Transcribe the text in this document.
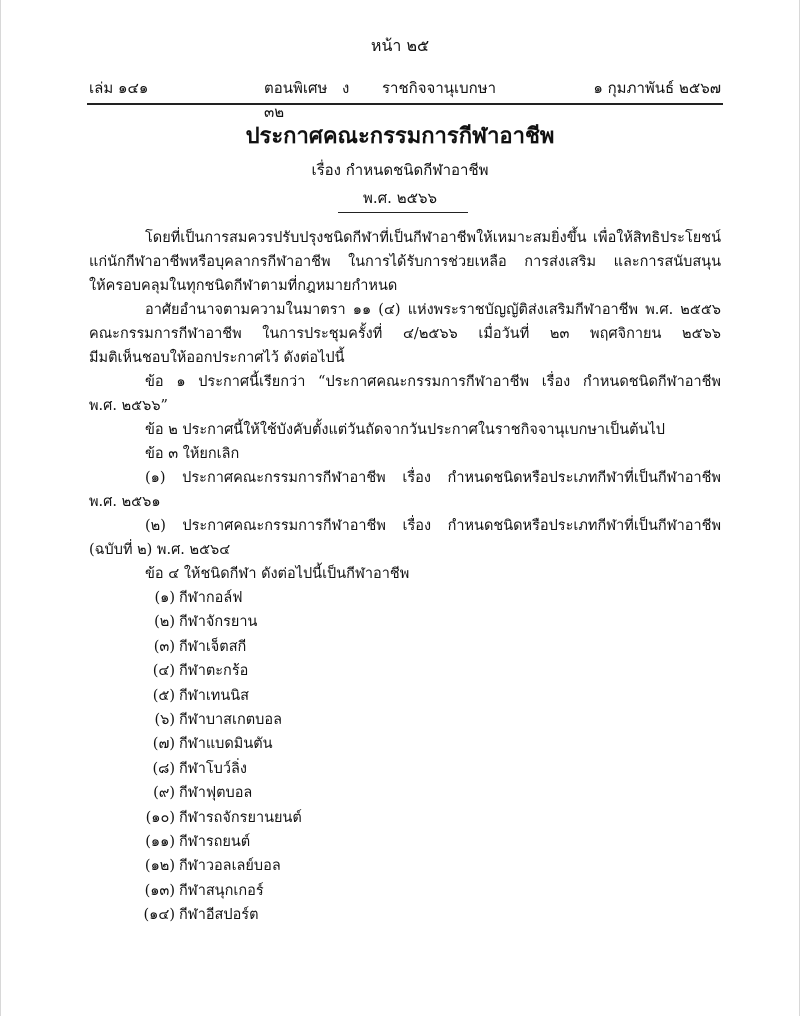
หน้า ๒๕
เล่ม ๑๔๑	ตอนพิเศษ ๓๒
ง	ราชกิจจานุเบกษา	๑ กุมภาพันธ์ ๒๕๖๗
ประกาศคณะกรรมการกีฬาอาชีพ
เรื่อง กำหนดชนิดกีฬาอาชีพ
พ.ศ. ๒๕๖๖

โดยที่เป็นการสมควรปรับปรุงชนิดกีฬาที่เป็นกีฬาอาชีพให้เหมาะสมยิ่งขึ้น เพื่อให้สิทธิประโยชน์

แก่นักกีฬาอาชีพหรือบุคลากรกีฬาอาชีพ ในการได้รับการช่วยเหลือ การส่งเสริม และการสนับสนุน

ให้ครอบคลุมในทุกชนิดกีฬาตามที่กฎหมายกำหนด

อาศัยอำนาจตามความในมาตรา ๑๑ (๔) แห่งพระราชบัญญัติส่งเสริมกีฬาอาชีพ พ.ศ. ๒๕๕๖

คณะกรรมการกีฬาอาชีพ ในการประชุมครั้งที่ ๔/๒๕๖๖ เมื่อวันที่ ๒๓ พฤศจิกายน ๒๕๖๖

มีมติเห็นชอบให้ออกประกาศไว้ ดังต่อไปนี้

ข้อ ๑ ประกาศนี้เรียกว่า “ประกาศคณะกรรมการกีฬาอาชีพ เรื่อง กำหนดชนิดกีฬาอาชีพ

พ.ศ. ๒๕๖๖”

ข้อ ๒ ประกาศนี้ให้ใช้บังคับตั้งแต่วันถัดจากวันประกาศในราชกิจจานุเบกษาเป็นต้นไป

ข้อ ๓ ให้ยกเลิก

(๑) ประกาศคณะกรรมการกีฬาอาชีพ เรื่อง กำหนดชนิดหรือประเภทกีฬาที่เป็นกีฬาอาชีพ

พ.ศ. ๒๕๖๑

(๒) ประกาศคณะกรรมการกีฬาอาชีพ เรื่อง กำหนดชนิดหรือประเภทกีฬาที่เป็นกีฬาอาชีพ

(ฉบับที่ ๒) พ.ศ. ๒๕๖๔

ข้อ ๔ ให้ชนิดกีฬา ดังต่อไปนี้เป็นกีฬาอาชีพ

(๑) กีฬากอล์ฟ
(๒) กีฬาจักรยาน
(๓) กีฬาเจ็ตสกี
(๔) กีฬาตะกร้อ
(๕) กีฬาเทนนิส
(๖) กีฬาบาสเกตบอล
(๗) กีฬาแบดมินตัน
(๘) กีฬาโบว์ลิ่ง
(๙) กีฬาฟุตบอล
(๑๐) กีฬารถจักรยานยนต์
(๑๑) กีฬารถยนต์
(๑๒) กีฬาวอลเลย์บอล
(๑๓) กีฬาสนุกเกอร์
(๑๔) กีฬาอีสปอร์ต
